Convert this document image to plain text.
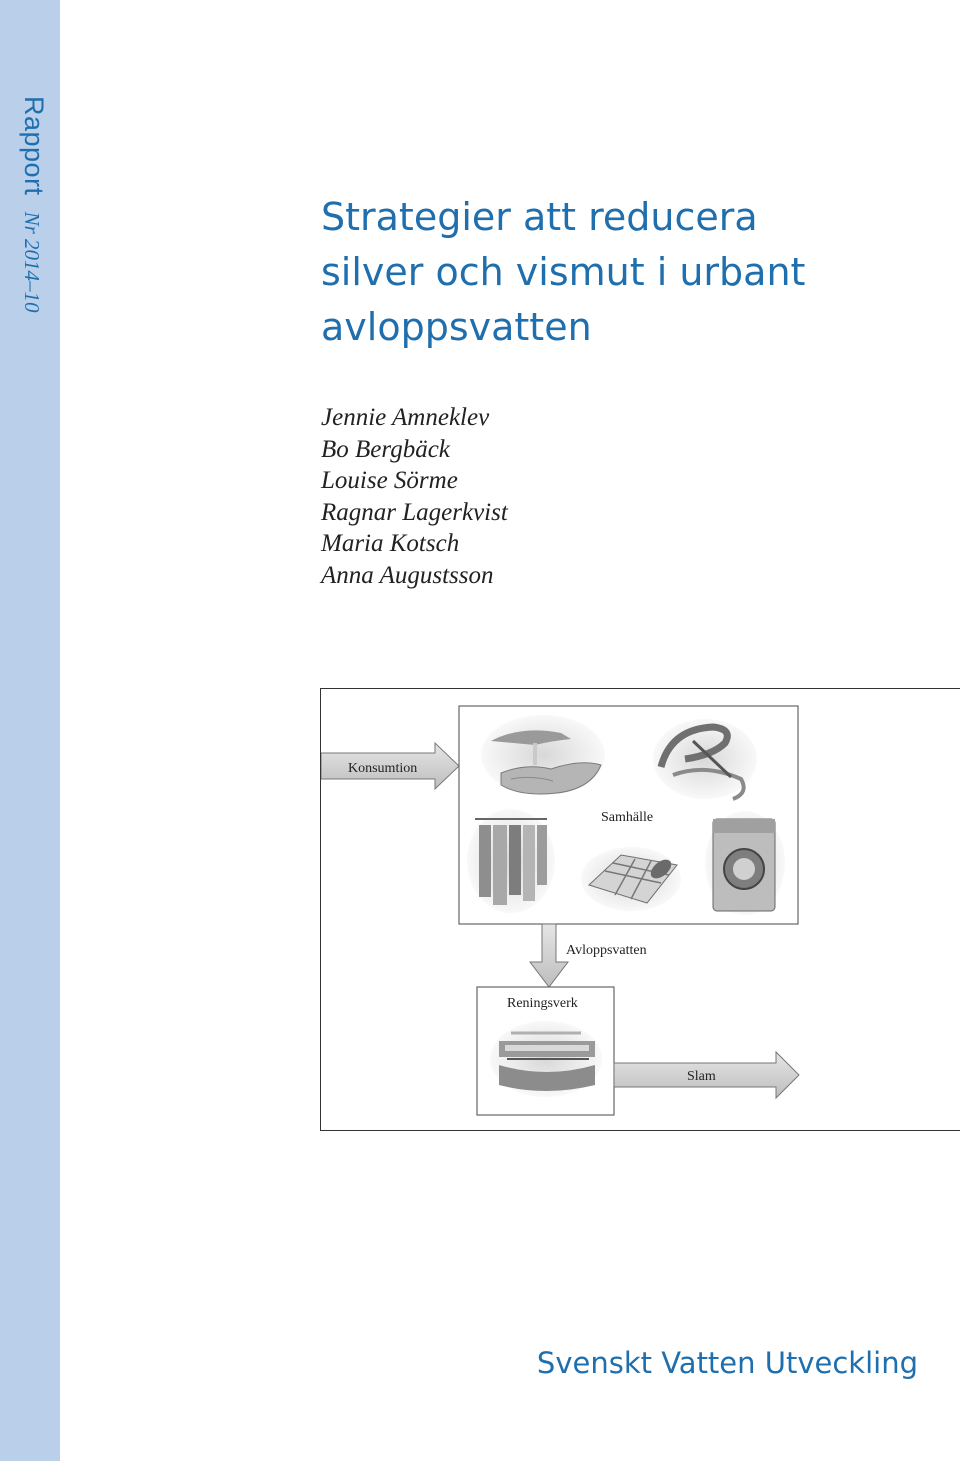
Rapport
Nr 2014–10	Strategier att reducera
silver och vismut i urbant
avloppsvatten
Jennie Amneklev
Bo Bergbäck
Louise Sörme
Ragnar Lagerkvist
Maria Kotsch
Anna Augustsson
Konsumtion
Samhälle
Avloppsvatten
Reningsverk
Slam
Svenskt Vatten Utveckling
